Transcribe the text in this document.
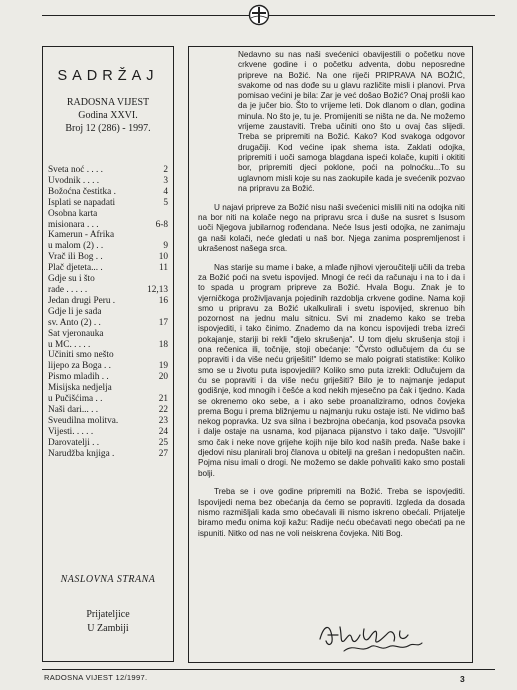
SADRŽAJ
RADOSNA VIJEST
Godina XXVI.
Broj 12 (286) - 1997.
Sveta noć . . . .	2
Uvodnik . . . .	3
Božoćna čestitka .	4
Isplati se napadati	5
Osobna karta
misionara . . .	6-8
Kamerun - Afrika
u malom (2) . .	9
Vrač ili Bog . .	10
Plač djeteta... .	11
Gdje su i što
rade . . . . .	12,13
Jedan drugi Peru .	16
Gdje li je sada
sv. Anto (2) . .	17
Sat vjeronauka
u MC. . . . .	18
Učiniti smo nešto
lijepo za Boga . .	19
Pismo mladih . .	20
Misijska nedjelja
u Pučišćima . .	21
Naši dari... . .	22
Sveudilna molitva.	23
Vijesti. . . . .	24
Darovatelji . .	25
Narudžba knjiga .	27
NASLOVNA STRANA
Prijateljice
U Zambiji

Nedavno su nas naši svećenici obavijestili o početku nove crkvene godine i o početku adventa, dobu neposredne pripreve na Božić. Na one riječi PRIPRAVA NA BOŽIĆ, svakome od nas dođe su u glavu različite misli i planovi. Prva pomisao većini je bila: Zar je već došao Božić? Onaj prošli kao da je jučer bio. Što to vrijeme leti. Dok dlanom o dlan, godina minula. No što je, tu je. Promijeniti se ništa ne da. Ne možemo vrijeme zaustaviti. Treba učiniti ono što u ovaj čas slijedi. Treba se pripremiti na Božić. Kako? Kod svakoga odgovor drugačiji. Kod većine ipak shema ista. Zaklati odojka, pripremiti i uoči samoga blagdana ispeći kolače, kupiti i okititi bor, pripremiti djeci poklone, poći na polnoćku...To su uglavnom misli koje su nas zaokupile kada je svećenik pozvao na pripravu za Božić.

U najavi pripreve za Božić nisu naši svećenici mislili niti na odojka niti na bor niti na kolače nego na pripravu srca i duše na susret s Isusom uoči Njegova jubilarnog rođendana. Neće Isus jesti odojka, ne zanimaju ga naši kolači, neće gledati u naš bor. Njega zanima pospremljenost i ukrašenost našega srca.

Nas starije su mame i bake, a mlađe njihovi vjeroučitelji učili da treba za Božić poći na svetu ispovijed. Mnogi će reći da računaju i na to i da i to spada u program pripreve za Božić. Hvala Bogu. Znak je to vjerničkoga proživljavanja pojedinih razdoblja crkvene godine. Nama koji smo u pripravu za Božić ukalkulirali i svetu ispovijed, skrenuo bih pozornost na jednu malu sitnicu. Svi mi znademo kako se treba ispovjediti, i tako činimo. Znademo da na koncu ispovijedi treba izreći pokajanje, stariji bi rekli "djelo skrušenja". U tom djelu skrušenja stoji i ona rečenica ili, točnije, stoji obećanje: "Čvrsto odlučujem da ću se popraviti i da više neću griješiti!" Idemo se malo poigrati statistike: Koliko smo se u životu puta ispovjedili? Koliko smo puta izrekli: Odlučujem da ću se popraviti i da više neću griješiti? Bilo je to najmanje jedaput godišnje, kod mnogih i češće a kod nekih mjesečno pa čak i tjedno. Kada se okrenemo oko sebe, a i ako sebe proanaliziramo, odnos čovjeka prema Bogu i prema bližnjemu u najmanju ruku ostaje isti. Ne vidimo baš nekog popravka. Uz sva silna i bezbrojna obećanja, kod psovača psovka i dalje ostaje na usnama, kod pijanaca pijanstvo i tako dalje. "Usvojili" smo čak i neke nove grijehe kojih nije bilo kod naših pređa. Naše bake i djedovi nisu planirali broj članova u obitelji na grešan i nedopušten način. Pojma nisu imali o drogi. Ne možemo se dakle pohvaliti kako smo postali bolji.

Treba se i ove godine pripremiti na Božić. Treba se ispovjediti. Ispovijedi nema bez obećanja da ćemo se popraviti. Izgleda da dosada nismo razmišljali kada smo obećavali ili nismo iskreno obećali. Prijatelje biramo među onima koji kažu: Radije neću obećavati nego obećati pa ne ispuniti. Nitko od nas ne voli neiskrena čovjeka. Niti Bog.

RADOSNA VIJEST 12/1997.	3
